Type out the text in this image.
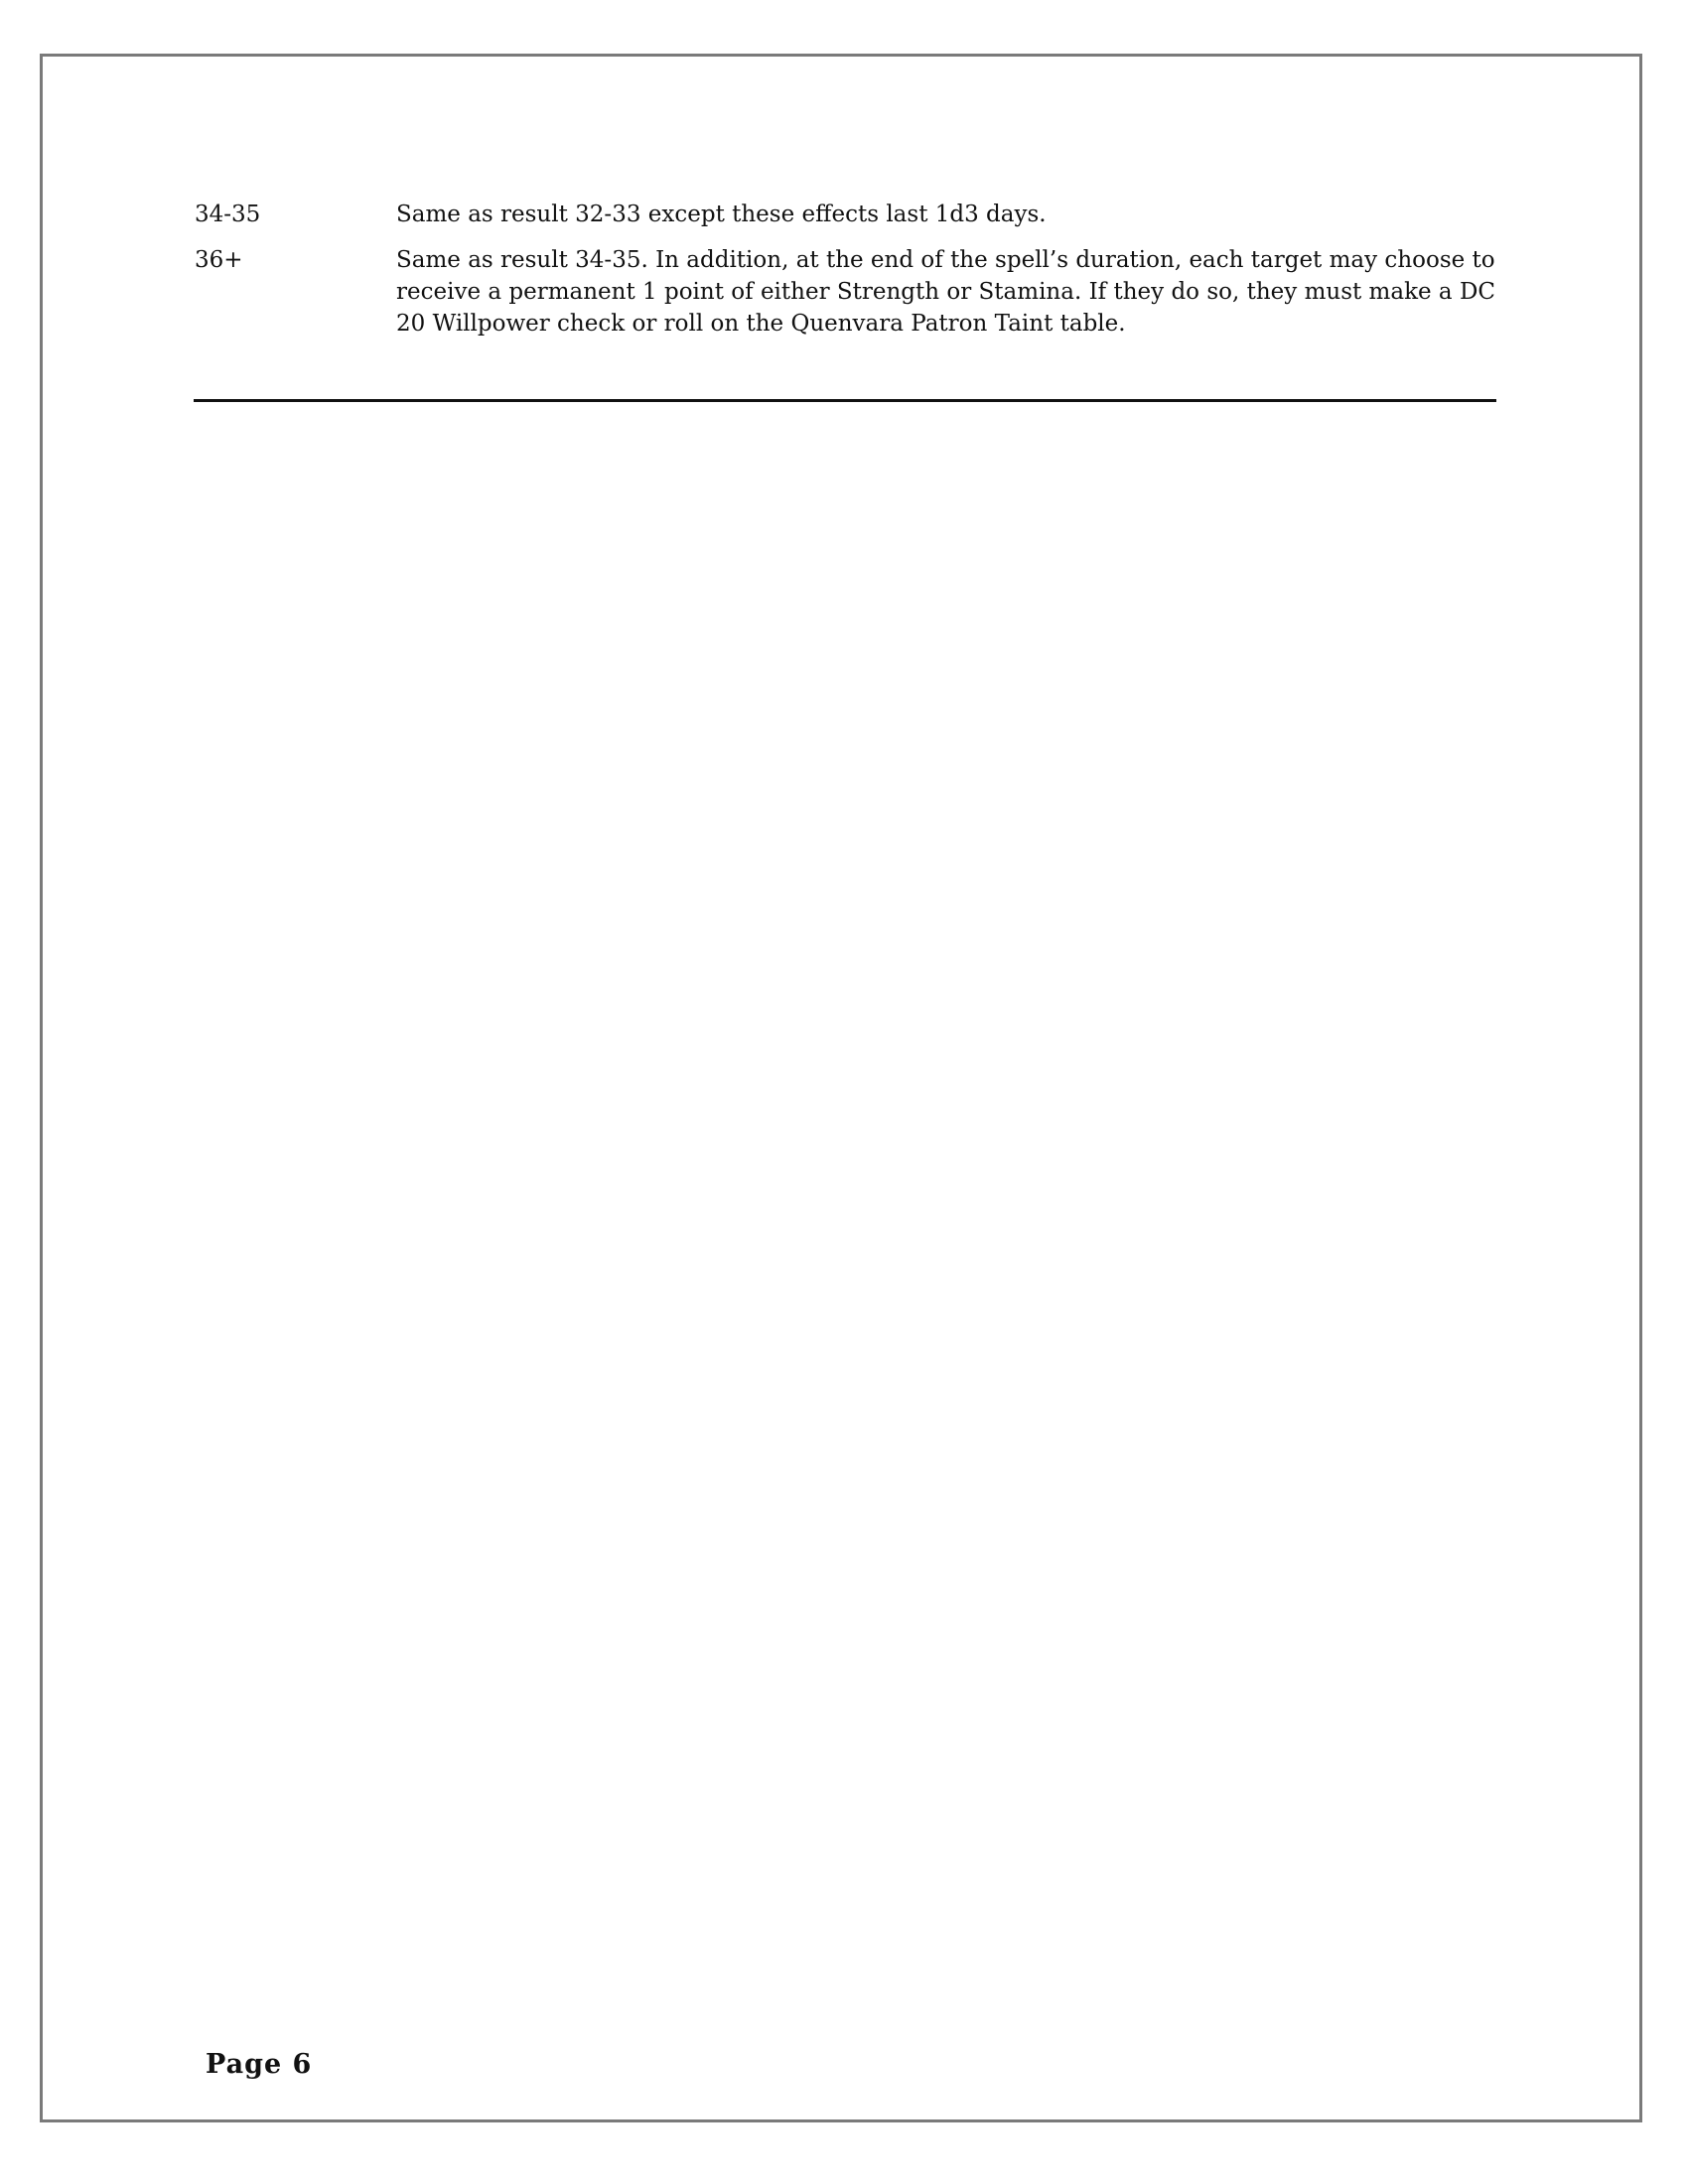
34-35	Same as result 32-33 except these effects last 1d3 days.
36+	Same as result 34-35. In addition, at the end of the spell’s duration, each target may choose to receive a permanent 1 point of either Strength or Stamina. If they do so, they must make a DC 20 Willpower check or roll on the Quenvara Patron Taint table.
Page 6
